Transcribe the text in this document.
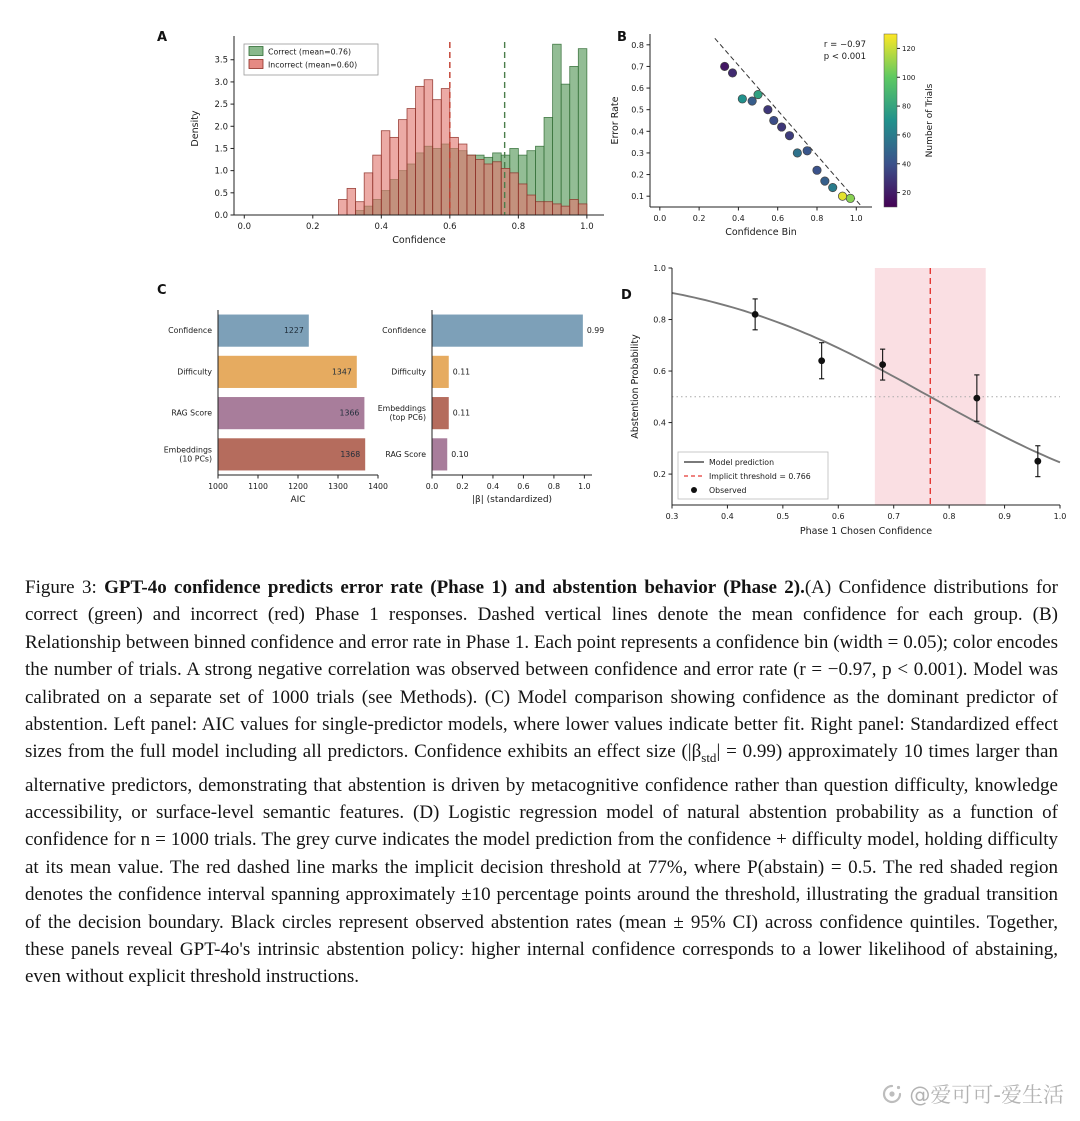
A	B
C	D
0.0
0.5
1.0
1.5
2.0
2.5
3.0
3.5
0.0	0.2	0.4	0.6	0.8	1.0
Confidence
Density
Correct (mean=0.76)
Incorrect (mean=0.60)
0.1
0.2
0.3
0.4
0.5
0.6
0.7
0.8
0.0	0.2	0.4	0.6	0.8	1.0
Confidence Bin
Error Rate
r = −0.97
p < 0.001
20
40
60
80
100
120
Number of Trials
Confidence	1227
Difficulty	1347
RAG Score	1366
Embeddings
(10 PCs)	1368
1000	1100	1200	1300	1400
AIC
Confidence	0.99
Difficulty	0.11
Embeddings
(top PC6)	0.11
RAG Score	0.10
0.0 0.2 0.4 0.6 0.8 1.0
|β| (standardized)
0.2
0.4
0.6
0.8
1.0
0.3	0.4	0.5	0.6	0.7	0.8	0.9	1.0
Phase 1 Chosen Confidence
Abstention Probability
Model prediction
Implicit threshold = 0.766
Observed
Figure 3: GPT-4o confidence predicts error rate (Phase 1) and abstention behavior (Phase 2).(A) Confidence distributions for correct (green) and incorrect (red) Phase 1 responses. Dashed vertical lines denote the mean confidence for each group. (B) Relationship between binned confidence and error rate in Phase 1. Each point represents a confidence bin (width = 0.05); color encodes the number of trials. A strong negative correlation was observed between confidence and error rate (r = −0.97, p < 0.001). Model was calibrated on a separate set of 1000 trials (see Methods). (C) Model comparison showing confidence as the dominant predictor of abstention. Left panel: AIC values for single-predictor models, where lower values indicate better fit. Right panel: Standardized effect sizes from the full model including all predictors. Confidence exhibits an effect size $(|\beta_{std}| = 0.99)$ approximately 10 times larger than alternative predictors, demonstrating that abstention is driven by metacognitive confidence rather than question difficulty, knowledge accessibility, or surface-level semantic features. (D) Logistic regression model of natural abstention probability as a function of confidence for n = 1000 trials. The grey curve indicates the model prediction from the confidence + difficulty model, holding difficulty at its mean value. The red dashed line marks the implicit decision threshold at 77%, where P(abstain) = 0.5. The red shaded region denotes the confidence interval spanning approximately ±10 percentage points around the threshold, illustrating the gradual transition of the decision boundary. Black circles represent observed abstention rates (mean ± 95% CI) across confidence quintiles. Together, these panels reveal GPT-4o's intrinsic abstention policy: higher internal confidence corresponds to a lower likelihood of abstaining, even without explicit threshold instructions.
@爱可可-爱生活
